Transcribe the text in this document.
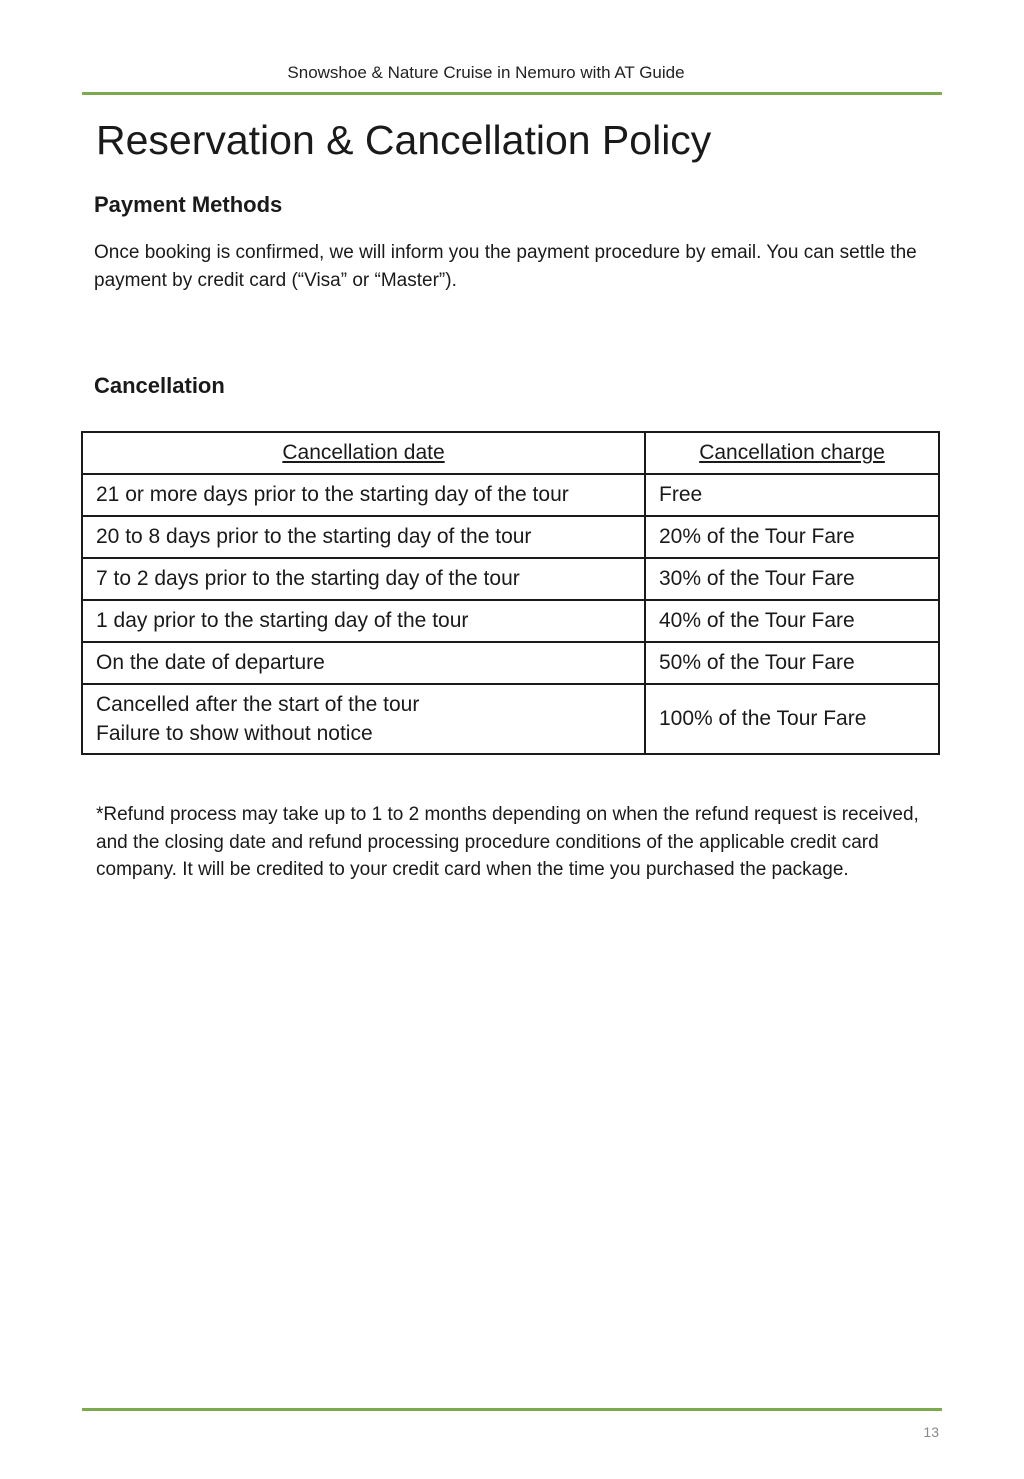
Snowshoe & Nature Cruise in Nemuro with AT Guide
Reservation & Cancellation Policy
Payment Methods

Once booking is confirmed, we will inform you the payment procedure by email. You can settle the payment by credit card (“Visa” or “Master”).

Cancellation
Cancellation date	Cancellation charge
21 or more days prior to the starting day of the tour	Free
20 to 8 days prior to the starting day of the tour	20% of the Tour Fare
7 to 2 days prior to the starting day of the tour	30% of the Tour Fare
1 day prior to the starting day of the tour	40% of the Tour Fare
On the date of departure	50% of the Tour Fare
Cancelled after the start of the tour
Failure to show without notice	100% of the Tour Fare

*Refund process may take up to 1 to 2 months depending on when the refund request is received, and the closing date and refund processing procedure conditions of the applicable credit card company. It will be credited to your credit card when the time you purchased the package.

13
